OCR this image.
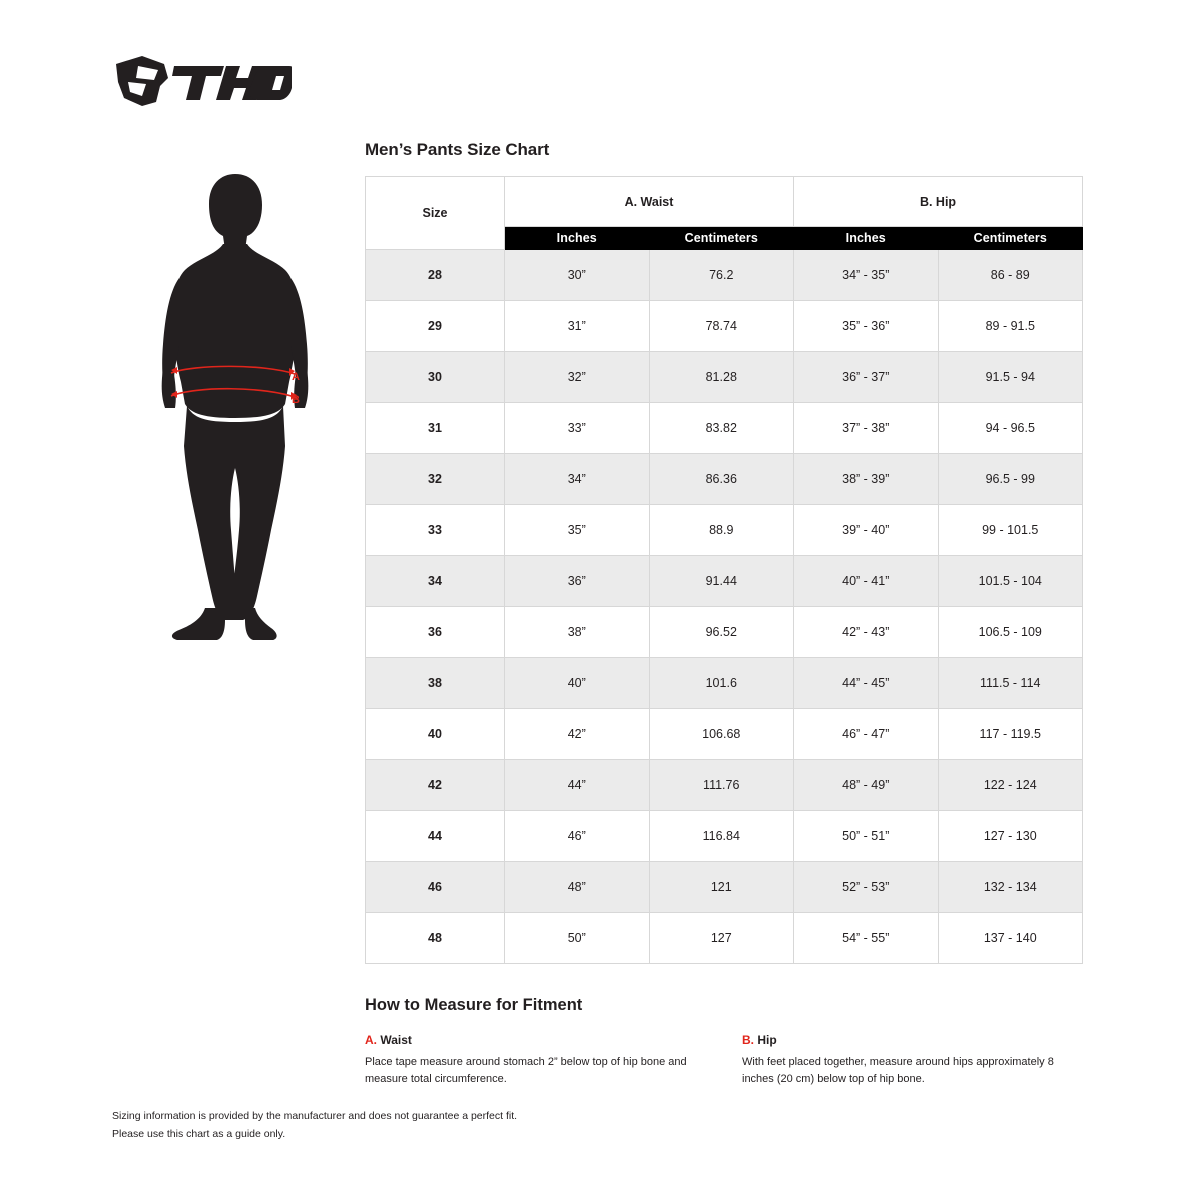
A
B
Men’s Pants Size Chart
Size	A. Waist		B. Hip	
	Inches	Centimeters	Inches	Centimeters
28	30”	76.2	34” - 35”	86 - 89
29	31”	78.74	35” - 36”	89 - 91.5
30	32”	81.28	36” - 37”	91.5 - 94
31	33”	83.82	37” - 38”	94 - 96.5
32	34”	86.36	38” - 39”	96.5 - 99
33	35”	88.9	39” - 40”	99 - 101.5
34	36”	91.44	40” - 41”	101.5 - 104
36	38”	96.52	42” - 43”	106.5 - 109
38	40”	101.6	44” - 45”	111.5 - 114
40	42”	106.68	46” - 47”	117 - 119.5
42	44”	111.76	48” - 49”	122 - 124
44	46”	116.84	50” - 51”	127 - 130
46	48”	121	52” - 53”	132 - 134
48	50”	127	54” - 55”	137 - 140
How to Measure for Fitment
A. Waist
Place tape measure around stomach 2” below top of hip bone and measure total circumference.
B. Hip
With feet placed together, measure around hips approximately 8 inches (20 cm) below top of hip bone.
Sizing information is provided by the manufacturer and does not guarantee a perfect fit.
Please use this chart as a guide only.
